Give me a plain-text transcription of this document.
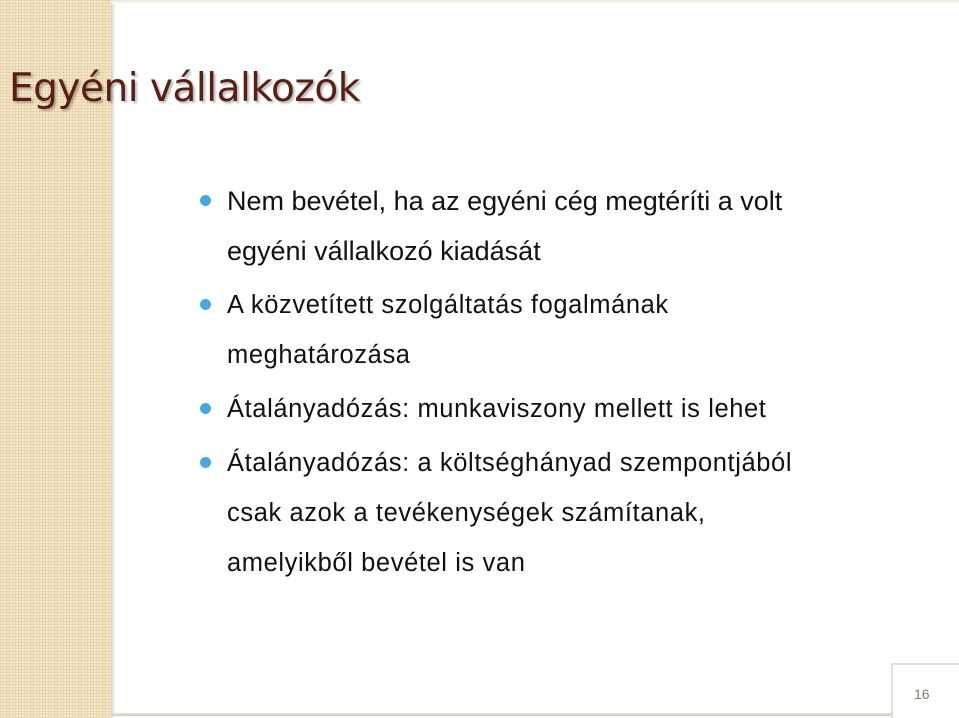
Egyéni vállalkozók
Nem bevétel, ha az egyéni cég megtéríti a volt
egyéni vállalkozó kiadását
A közvetített szolgáltatás fogalmának
meghatározása
Átalányadózás: munkaviszony mellett is lehet
Átalányadózás: a költséghányad szempontjából
csak azok a tevékenységek számítanak,
amelyikből bevétel is van
16
